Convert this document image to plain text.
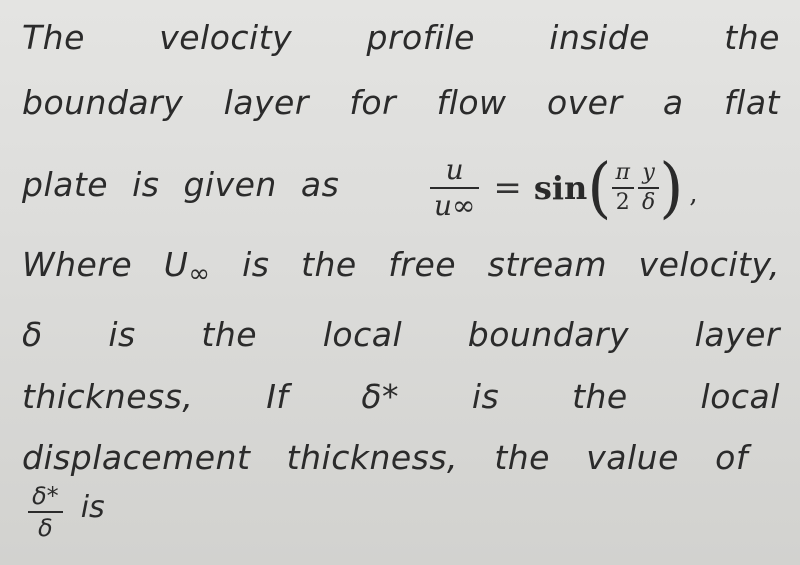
The velocity profile inside the
boundary layer for flow over a flat
plate is given as	$\frac{u}{u\infty} = \sin$ ( $\frac{\pi}{2} \frac{y}{\delta}$ ) ,
Where U∞ is the free stream velocity,
δ is the local boundary layer
thickness, If δ* is the local
displacement thickness, the value of
$\frac{\delta*}{\delta}$ is
